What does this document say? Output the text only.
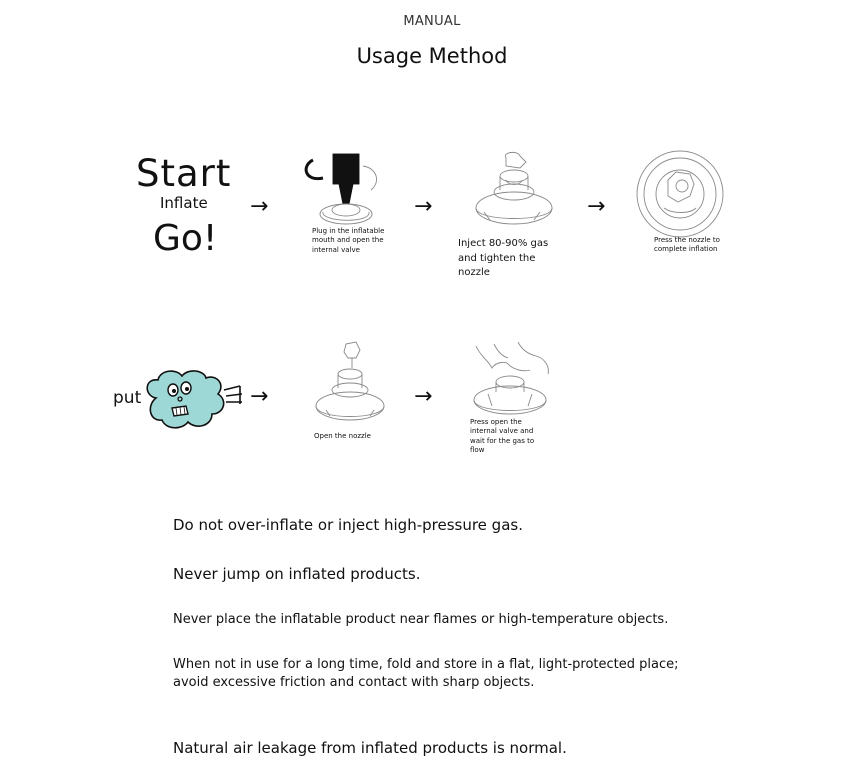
MANUAL
Usage Method
Start
Inflate
Go!
→
Plug in the inflatable mouth and open the internal valve
→
Inject 80-90% gas and tighten the nozzle
→
Press the nozzle to complete inflation
put	→
Open the nozzle
→
Press open the internal valve and wait for the gas to flow
Do not over-inflate or inject high-pressure gas.
Never jump on inflated products.
Never place the inflatable product near flames or high-temperature objects.
When not in use for a long time, fold and store in a flat, light-protected place; avoid excessive friction and contact with sharp objects.
Natural air leakage from inflated products is normal.
